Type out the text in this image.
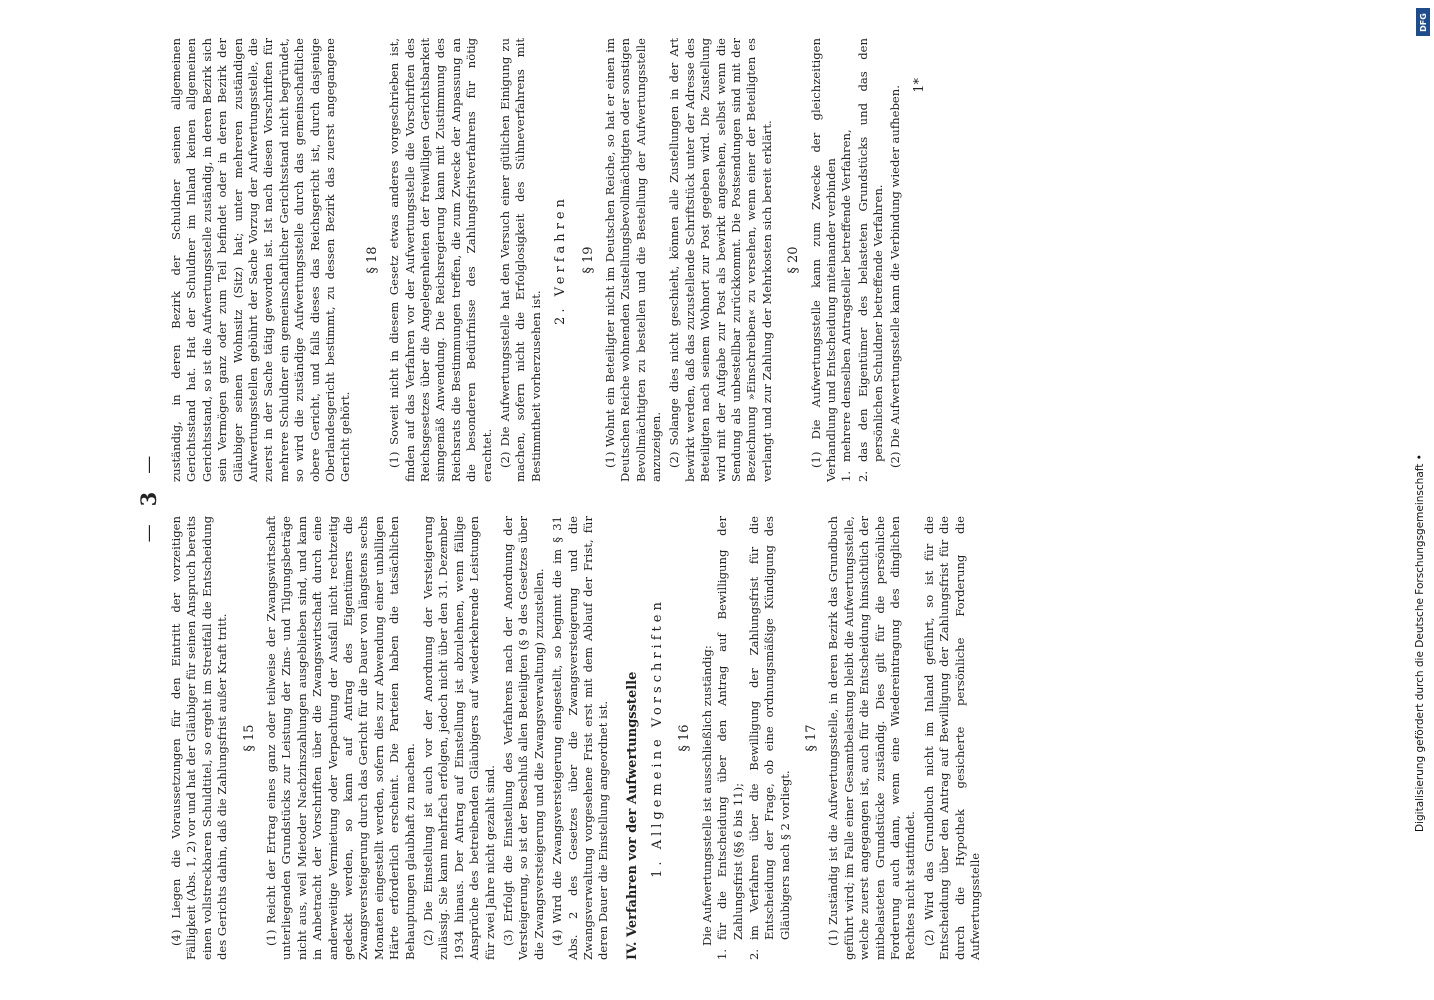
—
3
—

(4) Liegen die Voraussetzungen für den Eintritt der vorzeitigen Fälligkeit (Abs. 1, 2) vor und hat der Gläubiger für seinen Anspruch bereits einen vollstreckbaren Schuldtitel, so ergeht im Streitfall die Entscheidung des Gerichts dahin, daß die Zahlungsfrist außer Kraft tritt. § 15 (1) Reicht der Ertrag eines ganz oder teilweise der Zwangswirtschaft unterliegenden Grundstücks zur Leistung der Zins- und Tilgungsbeträge nicht aus, weil Mietoder Nachzinszahlungen ausgeblieben sind, und kann in Anbetracht der Vorschriften über die Zwangswirtschaft durch eine anderweitige Vermietung oder Verpachtung der Ausfall nicht rechtzeitig gedeckt werden, so kann auf Antrag des Eigentümers die Zwangsversteigerung durch das Gericht für die Dauer von längstens sechs Monaten eingestellt werden, sofern dies zur Abwendung einer unbilligen Härte erforderlich erscheint. Die Parteien haben die tatsächlichen Behauptungen glaubhaft zu machen. (2) Die Einstellung ist auch vor der Anordnung der Versteigerung zulässig. Sie kann mehrfach erfolgen, jedoch nicht über den 31. Dezember 1934 hinaus. Der Antrag auf Einstellung ist abzulehnen, wenn fällige Ansprüche des betreibenden Gläubigers auf wiederkehrende Leistungen für zwei Jahre nicht gezahlt sind. (3) Erfolgt die Einstellung des Verfahrens nach der Anordnung der Versteigerung, so ist der Beschluß allen Beteiligten (§ 9 des Gesetzes über die Zwangsversteigerung und die Zwangsverwaltung) zuzustellen. (4) Wird die Zwangsversteigerung eingestellt, so beginnt die im § 31 Abs. 2 des Gesetzes über die Zwangsversteigerung und die Zwangsverwaltung vorgesehene Frist erst mit dem Ablauf der Frist, für deren Dauer die Einstellung angeordnet ist. IV. Verfahren vor der Aufwertungsstelle 1. Allgemeine Vorschriften § 16 Die Aufwertungsstelle ist ausschließlich zuständig:

1.
für die Entscheidung über den Antrag auf Bewilligung der Zahlungsfrist (§§ 6 bis 11);
2.
im Verfahren über die Bewilligung der Zahlungsfrist für die Entscheidung der Frage, ob eine ordnungsmäßige Kündigung des Gläubigers nach § 2 vorliegt.

§ 17 (1) Zuständig ist die Aufwertungsstelle, in deren Bezirk das Grundbuch geführt wird; im Falle einer Gesamtbelastung bleibt die Aufwertungsstelle, welche zuerst angegangen ist, auch für die Entscheidung hinsichtlich der mitbelasteten Grundstücke zuständig. Dies gilt für die persönliche Forderung auch dann, wenn eine Wiedereintragung des dinglichen Rechtes nicht stattfindet. (2) Wird das Grundbuch nicht im Inland geführt, so ist für die Entscheidung über den Antrag auf Bewilligung der Zahlungsfrist für die durch die Hypothek gesicherte persönliche Forderung die Aufwertungsstelle

zuständig, in deren Bezirk der Schuldner seinen allgemeinen Gerichtsstand hat. Hat der Schuldner im Inland keinen allgemeinen Gerichtsstand, so ist die Aufwertungsstelle zuständig, in deren Bezirk sich sein Vermögen ganz oder zum Teil befindet oder in deren Bezirk der Gläubiger seinen Wohnsitz (Sitz) hat; unter mehreren zuständigen Aufwertungsstellen gebührt der Sache Vorzug der Aufwertungsstelle, die zuerst in der Sache tätig geworden ist. Ist nach diesen Vorschriften für mehrere Schuldner ein gemeinschaftlicher Gerichtsstand nicht begründet, so wird die zuständige Aufwertungsstelle durch das gemeinschaftliche obere Gericht, und falls dieses das Reichsgericht ist, durch dasjenige Oberlandesgericht bestimmt, zu dessen Bezirk das zuerst angegangene Gericht gehört.

§ 18 (1) Soweit nicht in diesem Gesetz etwas anderes vorgeschrieben ist, finden auf das Verfahren vor der Aufwertungsstelle die Vorschriften des Reichsgesetzes über die Angelegenheiten der freiwilligen Gerichtsbarkeit sinngemäß Anwendung. Die Reichsregierung kann mit Zustimmung des Reichsrats die Bestimmungen treffen, die zum Zwecke der Anpassung an die besonderen Bedürfnisse des Zahlungsfristverfahrens für nötig erachtet. (2) Die Aufwertungsstelle hat den Versuch einer gütlichen Einigung zu machen, sofern nicht die Erfolglosigkeit des Sühneverfahrens mit Bestimmtheit vorherzusehen ist.

2. Verfahren § 19 (1) Wohnt ein Beteiligter nicht im Deutschen Reiche, so hat er einen im Deutschen Reiche wohnenden Zustellungsbevollmächtigten oder sonstigen Bevollmächtigten zu bestellen und die Bestellung der Aufwertungsstelle anzuzeigen. (2) Solange dies nicht geschieht, können alle Zustellungen in der Art bewirkt werden, daß das zuzustellende Schriftstück unter der Adresse des Beteiligten nach seinem Wohnort zur Post gegeben wird. Die Zustellung wird mit der Aufgabe zur Post als bewirkt angesehen, selbst wenn die Sendung als unbestellbar zurückkommt. Die Postsendungen sind mit der Bezeichnung »Einschreiben« zu versehen, wenn einer der Beteiligten es verlangt und zur Zahlung der Mehrkosten sich bereit erklärt. § 20 (1) Die Aufwertungsstelle kann zum Zwecke der gleichzeitigen Verhandlung und Entscheidung miteinander verbinden 1.
mehrere denselben Antragsteller betreffende Verfahren,
2.
das den Eigentümer des belasteten Grundstücks und das den persönlichen Schuldner betreffende Verfahren. (2) Die Aufwertungsstelle kann die Verbindung wieder aufheben. 1*
DFG
Digitalisierung gefördert durch die Deutsche Forschungsgemeinschaft •
